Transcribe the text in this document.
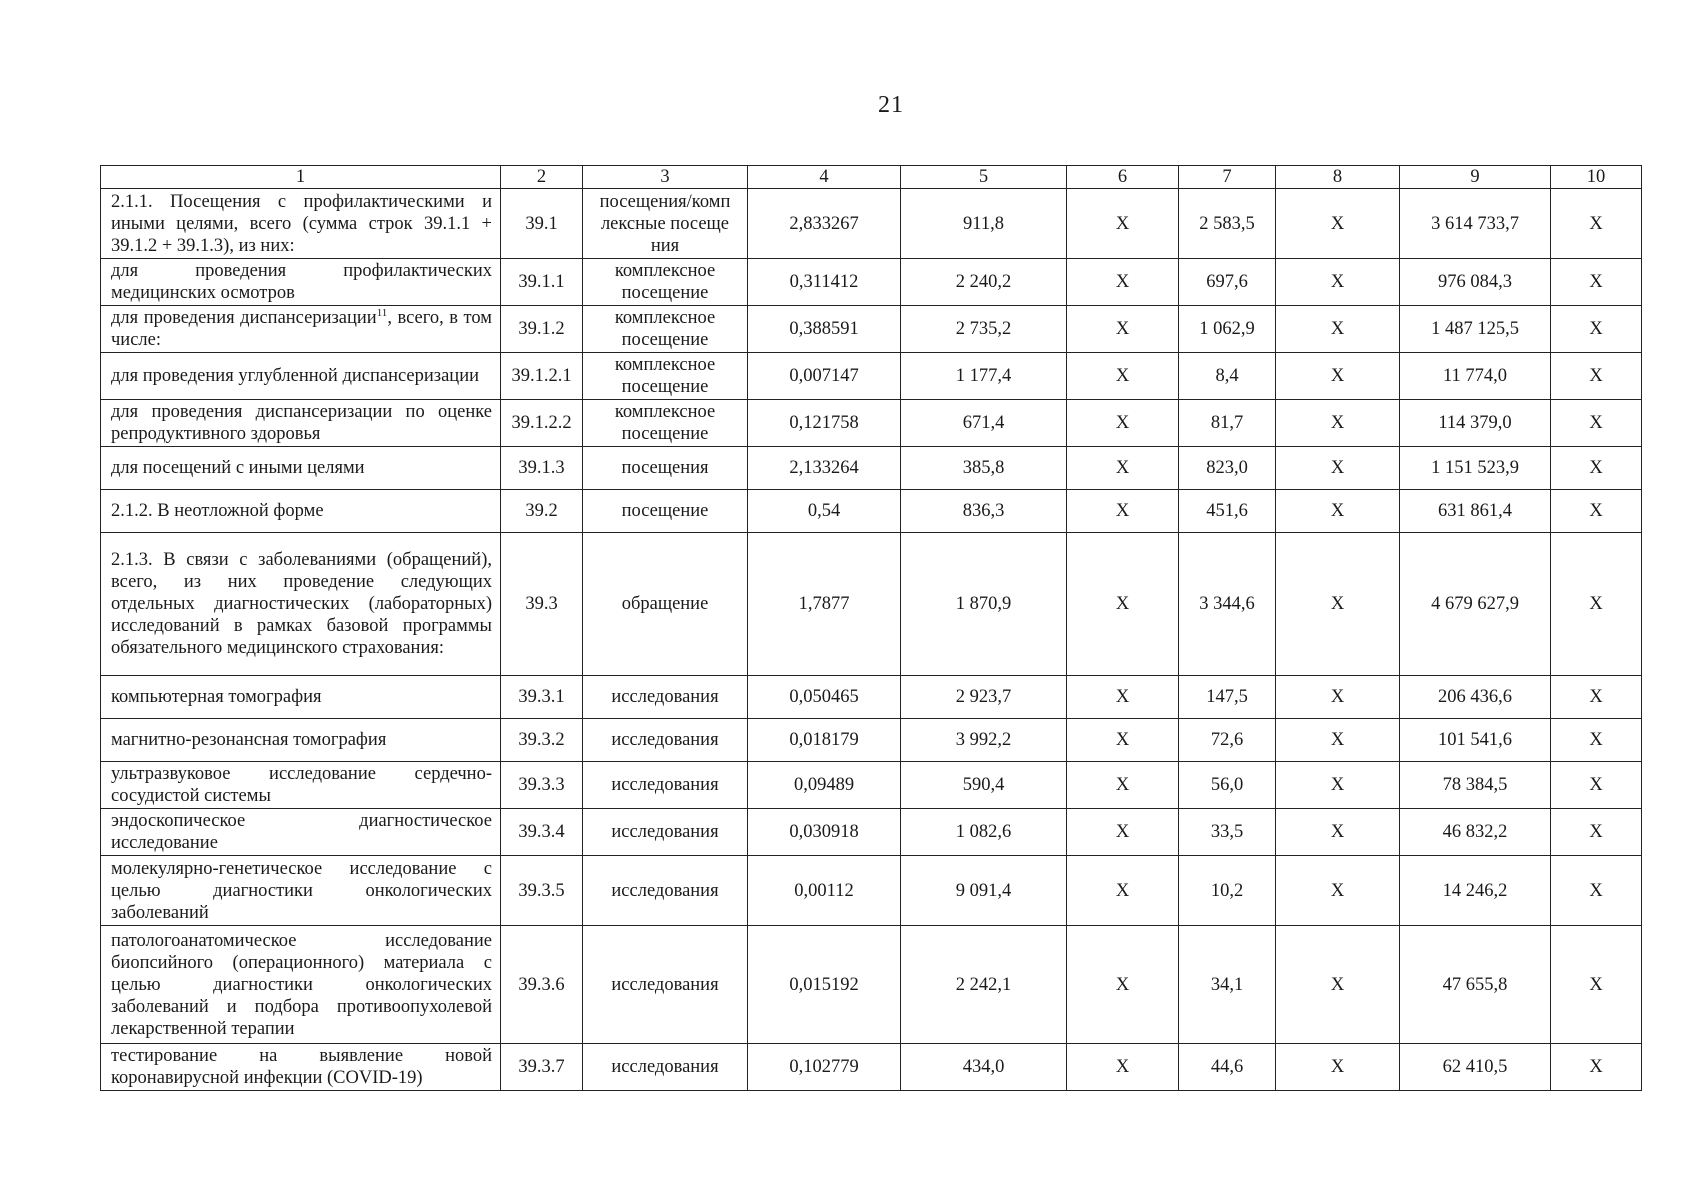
21
1	2	3	4	5	6	7	8	9	10
2.1.1. Посещения с профилактическими и иными целями, всего (сумма строк 39.1.1 + 39.1.2 + 39.1.3), из них:	39.1	посещения/комплексные посещения	2,833267	911,8	X	2 583,5	X	3 614 733,7	X
для проведения профилактических медицинских осмотров	39.1.1	комплексное посещение	0,311412	2 240,2	X	697,6	X	976 084,3	X
для проведения диспансеризации$^{11}$, всего, в том числе:	39.1.2	комплексное посещение	0,388591	2 735,2	X	1 062,9	X	1 487 125,5	X
для проведения углубленной диспансеризации	39.1.2.1	комплексное посещение	0,007147	1 177,4	X	8,4	X	11 774,0	X
для проведения диспансеризации по оценке репродуктивного здоровья	39.1.2.2	комплексное посещение	0,121758	671,4	X	81,7	X	114 379,0	X
для посещений с иными целями	39.1.3	посещения	2,133264	385,8	X	823,0	X	1 151 523,9	X
2.1.2. В неотложной форме	39.2	посещение	0,54	836,3	X	451,6	X	631 861,4	X
2.1.3. В связи с заболеваниями (обращений), всего, из них проведение следующих отдельных диагностических (лабораторных) исследований в рамках базовой программы обязательного медицинского страхования:	39.3	обращение	1,7877	1 870,9	X	3 344,6	X	4 679 627,9	X
компьютерная томография	39.3.1	исследования	0,050465	2 923,7	X	147,5	X	206 436,6	X
магнитно-резонансная томография	39.3.2	исследования	0,018179	3 992,2	X	72,6	X	101 541,6	X
ультразвуковое исследование сердечно-сосудистой системы	39.3.3	исследования	0,09489	590,4	X	56,0	X	78 384,5	X
эндоскопическое диагностическое исследование	39.3.4	исследования	0,030918	1 082,6	X	33,5	X	46 832,2	X
молекулярно-генетическое исследование с целью диагностики онкологических заболеваний	39.3.5	исследования	0,00112	9 091,4	X	10,2	X	14 246,2	X
патологоанатомическое исследование биопсийного (операционного) материала с целью диагностики онкологических заболеваний и подбора противоопухолевой лекарственной терапии	39.3.6	исследования	0,015192	2 242,1	X	34,1	X	47 655,8	X
тестирование на выявление новой коронавирусной инфекции (COVID-19)	39.3.7	исследования	0,102779	434,0	X	44,6	X	62 410,5	X
